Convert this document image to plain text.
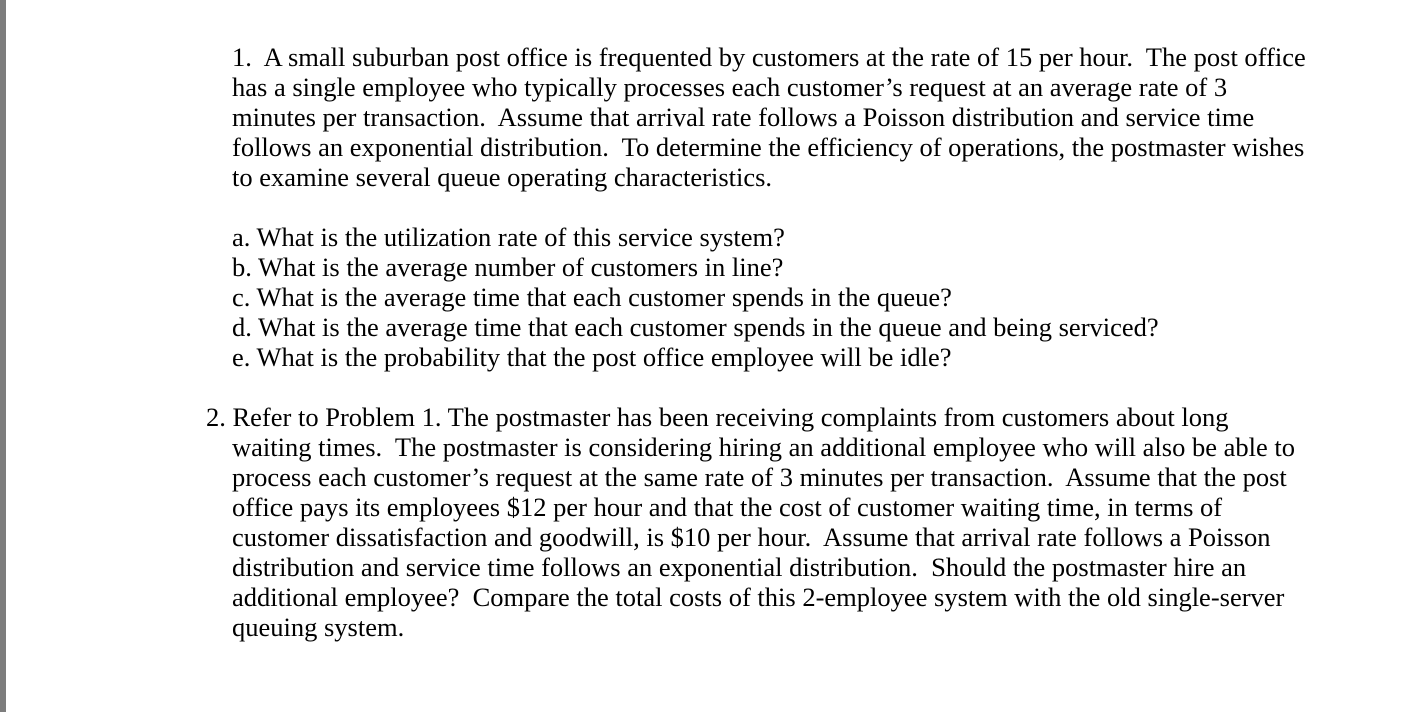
1.  A small suburban post office is frequented by customers at the rate of 15 per hour.  The post office
has a single employee who typically processes each customer’s request at an average rate of 3
minutes per transaction.  Assume that arrival rate follows a Poisson distribution and service time
follows an exponential distribution.  To determine the efficiency of operations, the postmaster wishes
to examine several queue operating characteristics.
a. What is the utilization rate of this service system?
b. What is the average number of customers in line?
c. What is the average time that each customer spends in the queue?
d. What is the average time that each customer spends in the queue and being serviced?
e. What is the probability that the post office employee will be idle?
2. Refer to Problem 1. The postmaster has been receiving complaints from customers about long
waiting times.  The postmaster is considering hiring an additional employee who will also be able to
process each customer’s request at the same rate of 3 minutes per transaction.  Assume that the post
office pays its employees $12 per hour and that the cost of customer waiting time, in terms of
customer dissatisfaction and goodwill, is $10 per hour.  Assume that arrival rate follows a Poisson
distribution and service time follows an exponential distribution.  Should the postmaster hire an
additional employee?  Compare the total costs of this 2-employee system with the old single-server
queuing system.
